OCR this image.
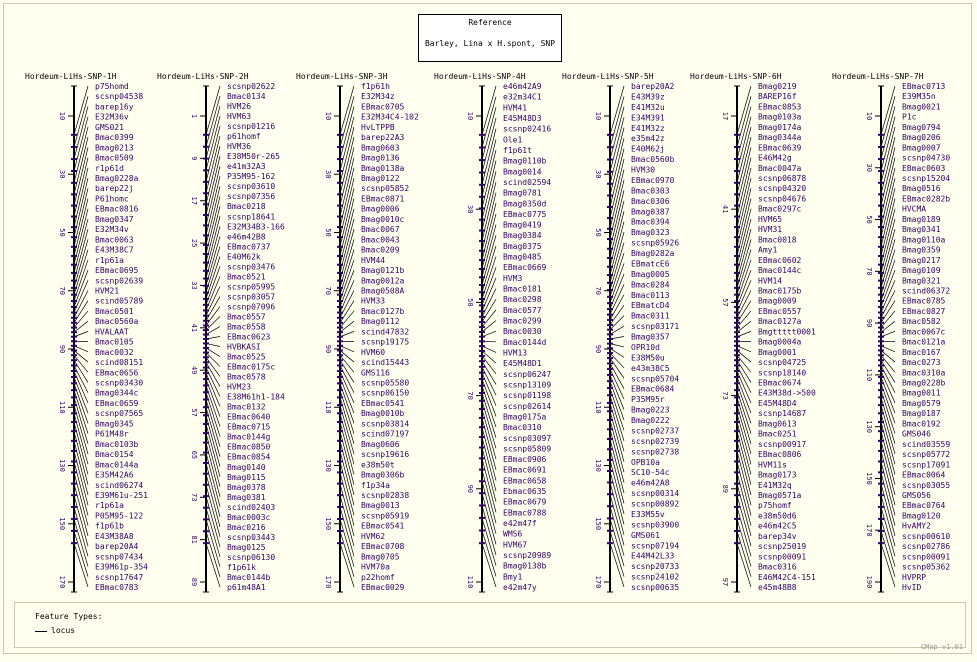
Reference
Barley, Lina x H.spont, SNP
Hordeum-LiHs-SNP-1H
10
30
50
70
90
110
130
150
170
p75homd
scsnp04538
barep16y
E32M36v
GMS021
Bmac0399
Bmag0213
Bmac0509
r1p61d
Bmag0228a
barep22j
P61homc
EBmac0816
Bmag0347
E32M34v
Bmac0063
E43M38C7
r1p61a
EBmac0695
scsnp02639
HVM21
scind05789
Bmac0501
Bmac0560a
HVALAAT
Bmac0105
Bmac0032
scind08151
EBmac0656
scsnp03430
Bmag0344c
EBmac0659
scsnp07565
Bmag0345
P61M48r
Bmac0103b
Bmac0154
Bmac0144a
E35M42A6
scind06274
E39M61u-251
r1p61a
P05M95-122
f1p61b
E43M38A8
barep20A4
scsnp07434
E39M61p-354
scsnp17647
EBmac0783
Hordeum-LiHs-SNP-2H
1
9
17
25
33
41
49
57
65
73
81
89
scsnp02622
Bmac0134
HVM26
HVM63
scsnp01216
p61homf
HVM36
E38M50r-265
e41m32A3
P35M95-162
scsnp03610
scsnp07356
Bmac0218
scsnp18641
E32M34B3-166
e46m42B8
EBmac0737
E40M62k
scsnp03476
Bmac0521
scsnp05995
scsnp03057
scsnp07096
Bmac0557
Bmac0558
EBmac0623
HVBKASI
Bmac0525
EBmac0175c
Bmac0578
HVM23
E38M61h1-184
Bmac0132
EBmac0640
EBmac0715
Bmac0144g
EBmac0850
EBmac0854
Bmag0140
Bmag0115
Bmag0378
Bmag0381
scind02403
Bmac0003c
Bmac0216
scsnp03443
Bmag0125
scsnp06130
f1p61k
Bmac0144b
p61m48A1
Hordeum-LiHs-SNP-3H
10
30
50
70
90
110
130
150
170
f1p61h
E32M34z
EBmac0705
E32M34C4-102
HvLTPPB
barep22A3
Bmag0603
Bmag0136
Bmag0138a
Bmag0122
scsnp05852
EBmac0871
Bmag0006
Bmag0010c
Bmac0067
Bmac0043
Bmac0209
HVM44
Bmag0121b
Bmag0012a
Bmag0508A
HVM33
Bmac0127b
Bmag0112
scind47832
scsnp19175
HVM60
scind15443
GMS116
scsnp05580
scsnp06150
EBmac0541
Bmag0010b
scsnp03814
scind07197
Bmag0606
scsnp19616
e38m50t
Bmag0306b
f1p34a
scsnp02838
Bmag0013
scsnp05919
EBmac0541
HVM62
EBmac0708
Bmag0705
HVM70a
p22homf
EBmac0029
Hordeum-LiHs-SNP-4H
10
30
50
70
90
110
e46m42A9
e32m34C1
HVM41
E45M48D3
scsnp02416
Ole1
f1p61t
Bmag0110b
Bmag0014
scind02594
Bmag0781
Bmag0350d
EBmac0775
Bmag0419
Bmag0384
Bmag0375
Bmag0485
EBmac0669
HVM3
Bmac0181
Bmac0298
Bmac0577
Bmac0299
Bmac0030
Bmac0144d
HVM13
E45M48D1
scsnp06247
scsnp13109
scsnp01198
scsnp02614
Bmag0175a
Bmac0310
scsnp03097
scsnp05809
EBmac0906
EBmac0691
EBmac0658
Ebmac0635
EBmac0679
EBmac0788
e42m47f
WMS6
HVM67
scsnp20989
Bmag0138b
Bmy1
e42m47y
Hordeum-LiHs-SNP-5H
10
30
50
70
90
110
130
150
170
barep20A2
E43M39z
E41M32u
E34M391
E41M32z
e35m42z
E40M62j
Bmac0560b
HVM30
EBmac0970
Bmac0303
Bmac0306
Bmag0387
Bmac0394
Bmag0323
scsnp05926
Bmag0282a
EBmatcE6
Bmag0005
Bmac0284
Bmac0113
EBmatcD4
Bmac0311
scsnp03171
Bmag0357
OPR10d
E38M50u
e43m38C5
scsnp05704
EBmac0684
P35M95r
Bmag0223
Bmag0222
scsnp02737
scsnp02739
scsnp02738
OPB10a
SC10-54c
e46m42A8
scsnp00314
scsnp00892
E33M55v
scsnp03900
GMS061
scsnp07194
E44M42L33
scsnp20733
scsnp24102
scsnp00635
Hordeum-LiHs-SNP-6H
17
41
57
73
89
97
Bmag0219
BAREP16f
EBmac0853
Bmag0103a
Bmag0174a
Bmag0344a
EBmac0639
E46M42g
Bmac0047a
scsnp06878
scsnp04320
scsnp04676
Bmac0297c
HVM65
HVM31
Bmac0018
Amy1
EBmac0602
Bmac0144c
HVM14
Bmac0175b
Bmag0009
EBmac0557
Bmac0127a
Bmgttttt0001
Bmag0004a
Bmag0001
scsnp04725
scsnp18140
EBmac0674
E43M38d->500
E45M48D4
scsnp14687
Bmag0613
Bmac0251
scsnp00917
EBmac0806
HVM11s
Bmag0173
E41M32q
Bmag0571a
p75homf
e38m50d6
e46m42C5
barep34v
scsnp25019
scsnp00091
Bmac0316
E46M42C4-151
e45m48B8
Hordeum-LiHs-SNP-7H
10
30
50
70
90
110
130
150
170
190
EBmac0713
E39M35n
Bmag0021
P1c
Bmag0794
Bmag0206
Bmag0007
scsnp04730
EBmac0603
scsnp15204
Bmag0516
EBmac0282b
HVCMA
Bmag0189
Bmag0341
Bmag0110a
Bmag0359
Bmag0217
Bmag0109
Bmag0321
scind06372
EBmac0785
EBmac0827
Bmac0582
Bmac0067c
Bmac0121a
Bmac0167
Bmac0273
Bmac0310a
Bmag0228b
Bmag0011
Bmag0579
Bmag0187
Bmac0192
GMS046
scind03559
scsnp05772
scsnp17091
EBmac0064
scsnp03055
GMS056
EBmac0764
Bmag0120
HvAMY2
scsnp00610
scsnp02786
scsnp00091
scsnp05362
HVPRP
HvID
Feature Types:
locus
CMap v1.01
